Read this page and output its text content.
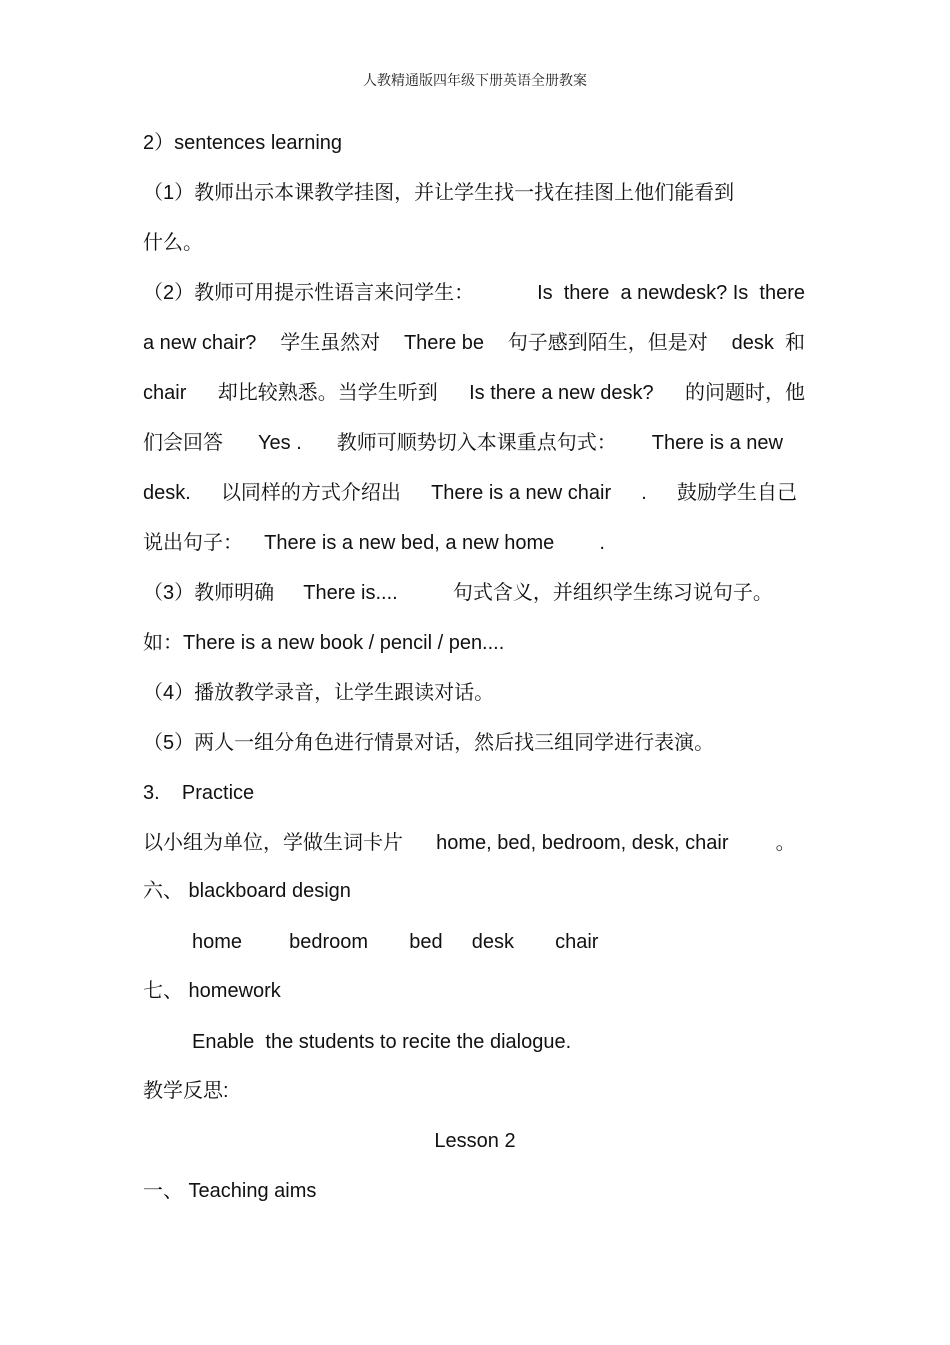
人教精通版四年级下册英语全册教案
2）sentences learning
（1）教师出示本课教学挂图，并让学生找一找在挂图上他们能看到
什么。
（2）教师可用提示性语言来问学生：	Is  there  a newdesk? Is  there
a new chair? 学生虽然对 There be 句子感到陌生，但是对 desk  和
chair 却比较熟悉。当学生听到 Is there a new desk? 的问题时，他
们会回答 Yes . 教师可顺势切入本课重点句式： There is a new
desk. 以同样的方式介绍出 There is a new chair . 鼓励学生自己
说出句子： There is a new bed, a new home .
（3）教师明确 There is....	句式含义，并组织学生练习说句子。
如：There is a new book / pencil / pen....
（4）播放教学录音，让学生跟读对话。
（5）两人一组分角色进行情景对话，然后找三组同学进行表演。
3.    Practice
以小组为单位，学做生词卡片 home, bed, bedroom, desk, chair 。
六、 blackboard design
home bedroom bed desk chair
七、 homework
Enable  the students to recite the dialogue.
教学反思:
Lesson 2
一、 Teaching aims
